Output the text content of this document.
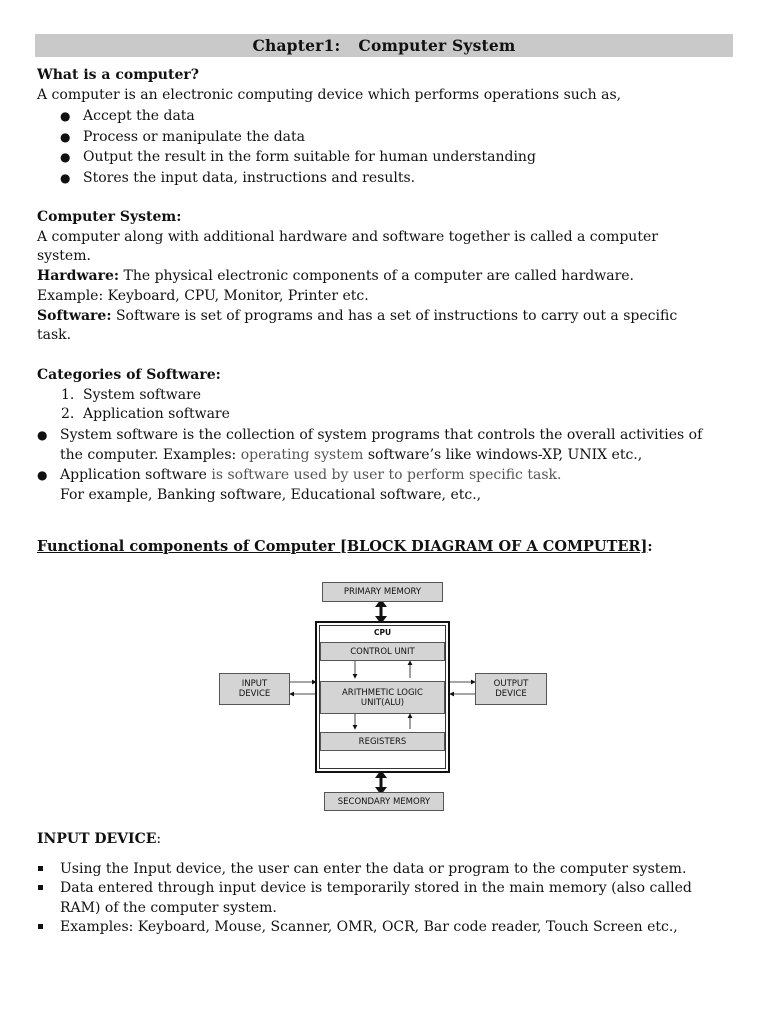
Chapter1: Computer System
What is a computer?
A computer is an electronic computing device which performs operations such as,
● Accept the data
● Process or manipulate the data
● Output the result in the form suitable for human understanding
● Stores the input data, instructions and results.
Computer System:
A computer along with additional hardware and software together is called a computer
system.
Hardware: The physical electronic components of a computer are called hardware.
Example: Keyboard, CPU, Monitor, Printer etc.
Software: Software is set of programs and has a set of instructions to carry out a specific
task.
Categories of Software:
1. System software
2. Application software
● System software is the collection of system programs that controls the overall activities of
the computer. Examples: operating system software’s like windows-XP, UNIX etc.,
● Application software is software used by user to perform specific task.
For example, Banking software, Educational software, etc.,
Functional components of Computer [BLOCK DIAGRAM OF A COMPUTER]:
PRIMARY MEMORY
CPU
CONTROL UNIT
ARITHMETIC LOGIC
UNIT(ALU)
REGISTERS
INPUT
DEVICE
OUTPUT
DEVICE
SECONDARY MEMORY
INPUT DEVICE:
Using the Input device, the user can enter the data or program to the computer system.
Data entered through input device is temporarily stored in the main memory (also called
RAM) of the computer system.
Examples: Keyboard, Mouse, Scanner, OMR, OCR, Bar code reader, Touch Screen etc.,
